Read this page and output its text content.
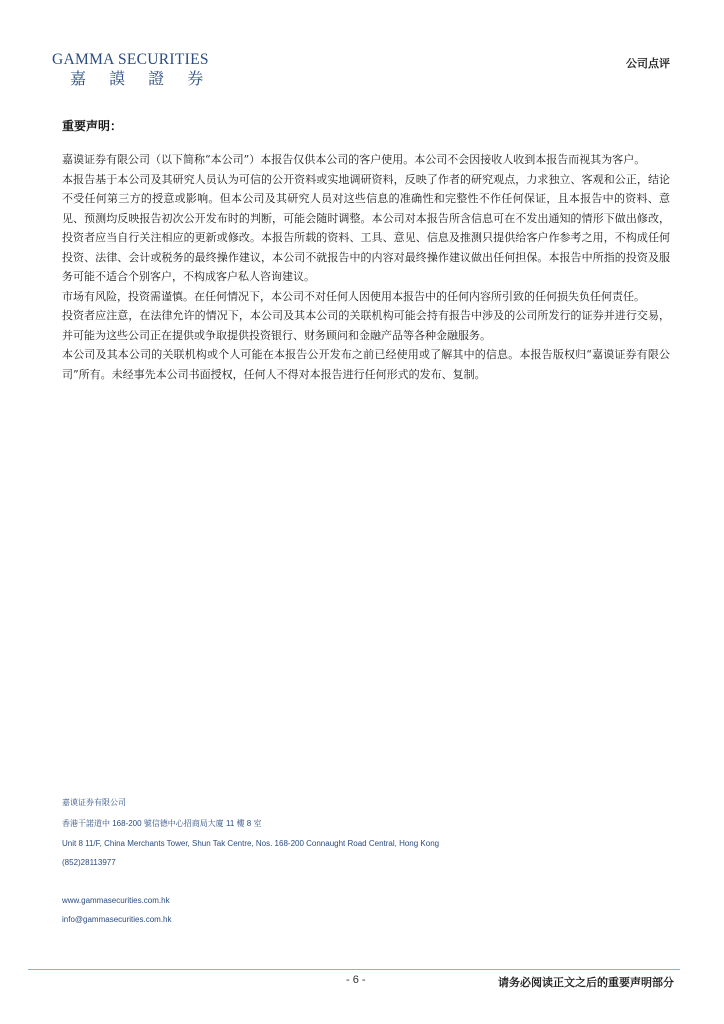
GAMMA SECURITIES
嘉 謨 證 券
公司点评
重要声明：

嘉谟证券有限公司（以下简称“本公司”）本报告仅供本公司的客户使用。本公司不会因接收人收到本报告而视其为客户。

本报告基于本公司及其研究人员认为可信的公开资料或实地调研资料，反映了作者的研究观点，力求独立、客观和公正，结论不受任何第三方的授意或影响。但本公司及其研究人员对这些信息的准确性和完整性不作任何保证，且本报告中的资料、意见、预测均反映报告初次公开发布时的判断，可能会随时调整。本公司对本报告所含信息可在不发出通知的情形下做出修改，投资者应当自行关注相应的更新或修改。本报告所载的资料、工具、意见、信息及推测只提供给客户作参考之用，不构成任何投资、法律、会计或税务的最终操作建议，本公司不就报告中的内容对最终操作建议做出任何担保。本报告中所指的投资及服务可能不适合个别客户，不构成客户私人咨询建议。

市场有风险，投资需谨慎。在任何情况下，本公司不对任何人因使用本报告中的任何内容所引致的任何损失负任何责任。

投资者应注意，在法律允许的情况下，本公司及其本公司的关联机构可能会持有报告中涉及的公司所发行的证券并进行交易，并可能为这些公司正在提供或争取提供投资银行、财务顾问和金融产品等各种金融服务。

本公司及其本公司的关联机构或个人可能在本报告公开发布之前已经使用或了解其中的信息。本报告版权归“嘉谟证券有限公司”所有。未经事先本公司书面授权，任何人不得对本报告进行任何形式的发布、复制。

嘉谟证券有限公司
香港干諾道中 168-200 號信德中心招商局大廈 11 樓 8 室
Unit 8 11/F, China Merchants Tower, Shun Tak Centre, Nos. 168-200 Connaught Road Central, Hong Kong
(852)28113977
www.gammasecurities.com.hk
info@gammasecurities.com.hk
- 6 -	请务必阅读正文之后的重要声明部分
